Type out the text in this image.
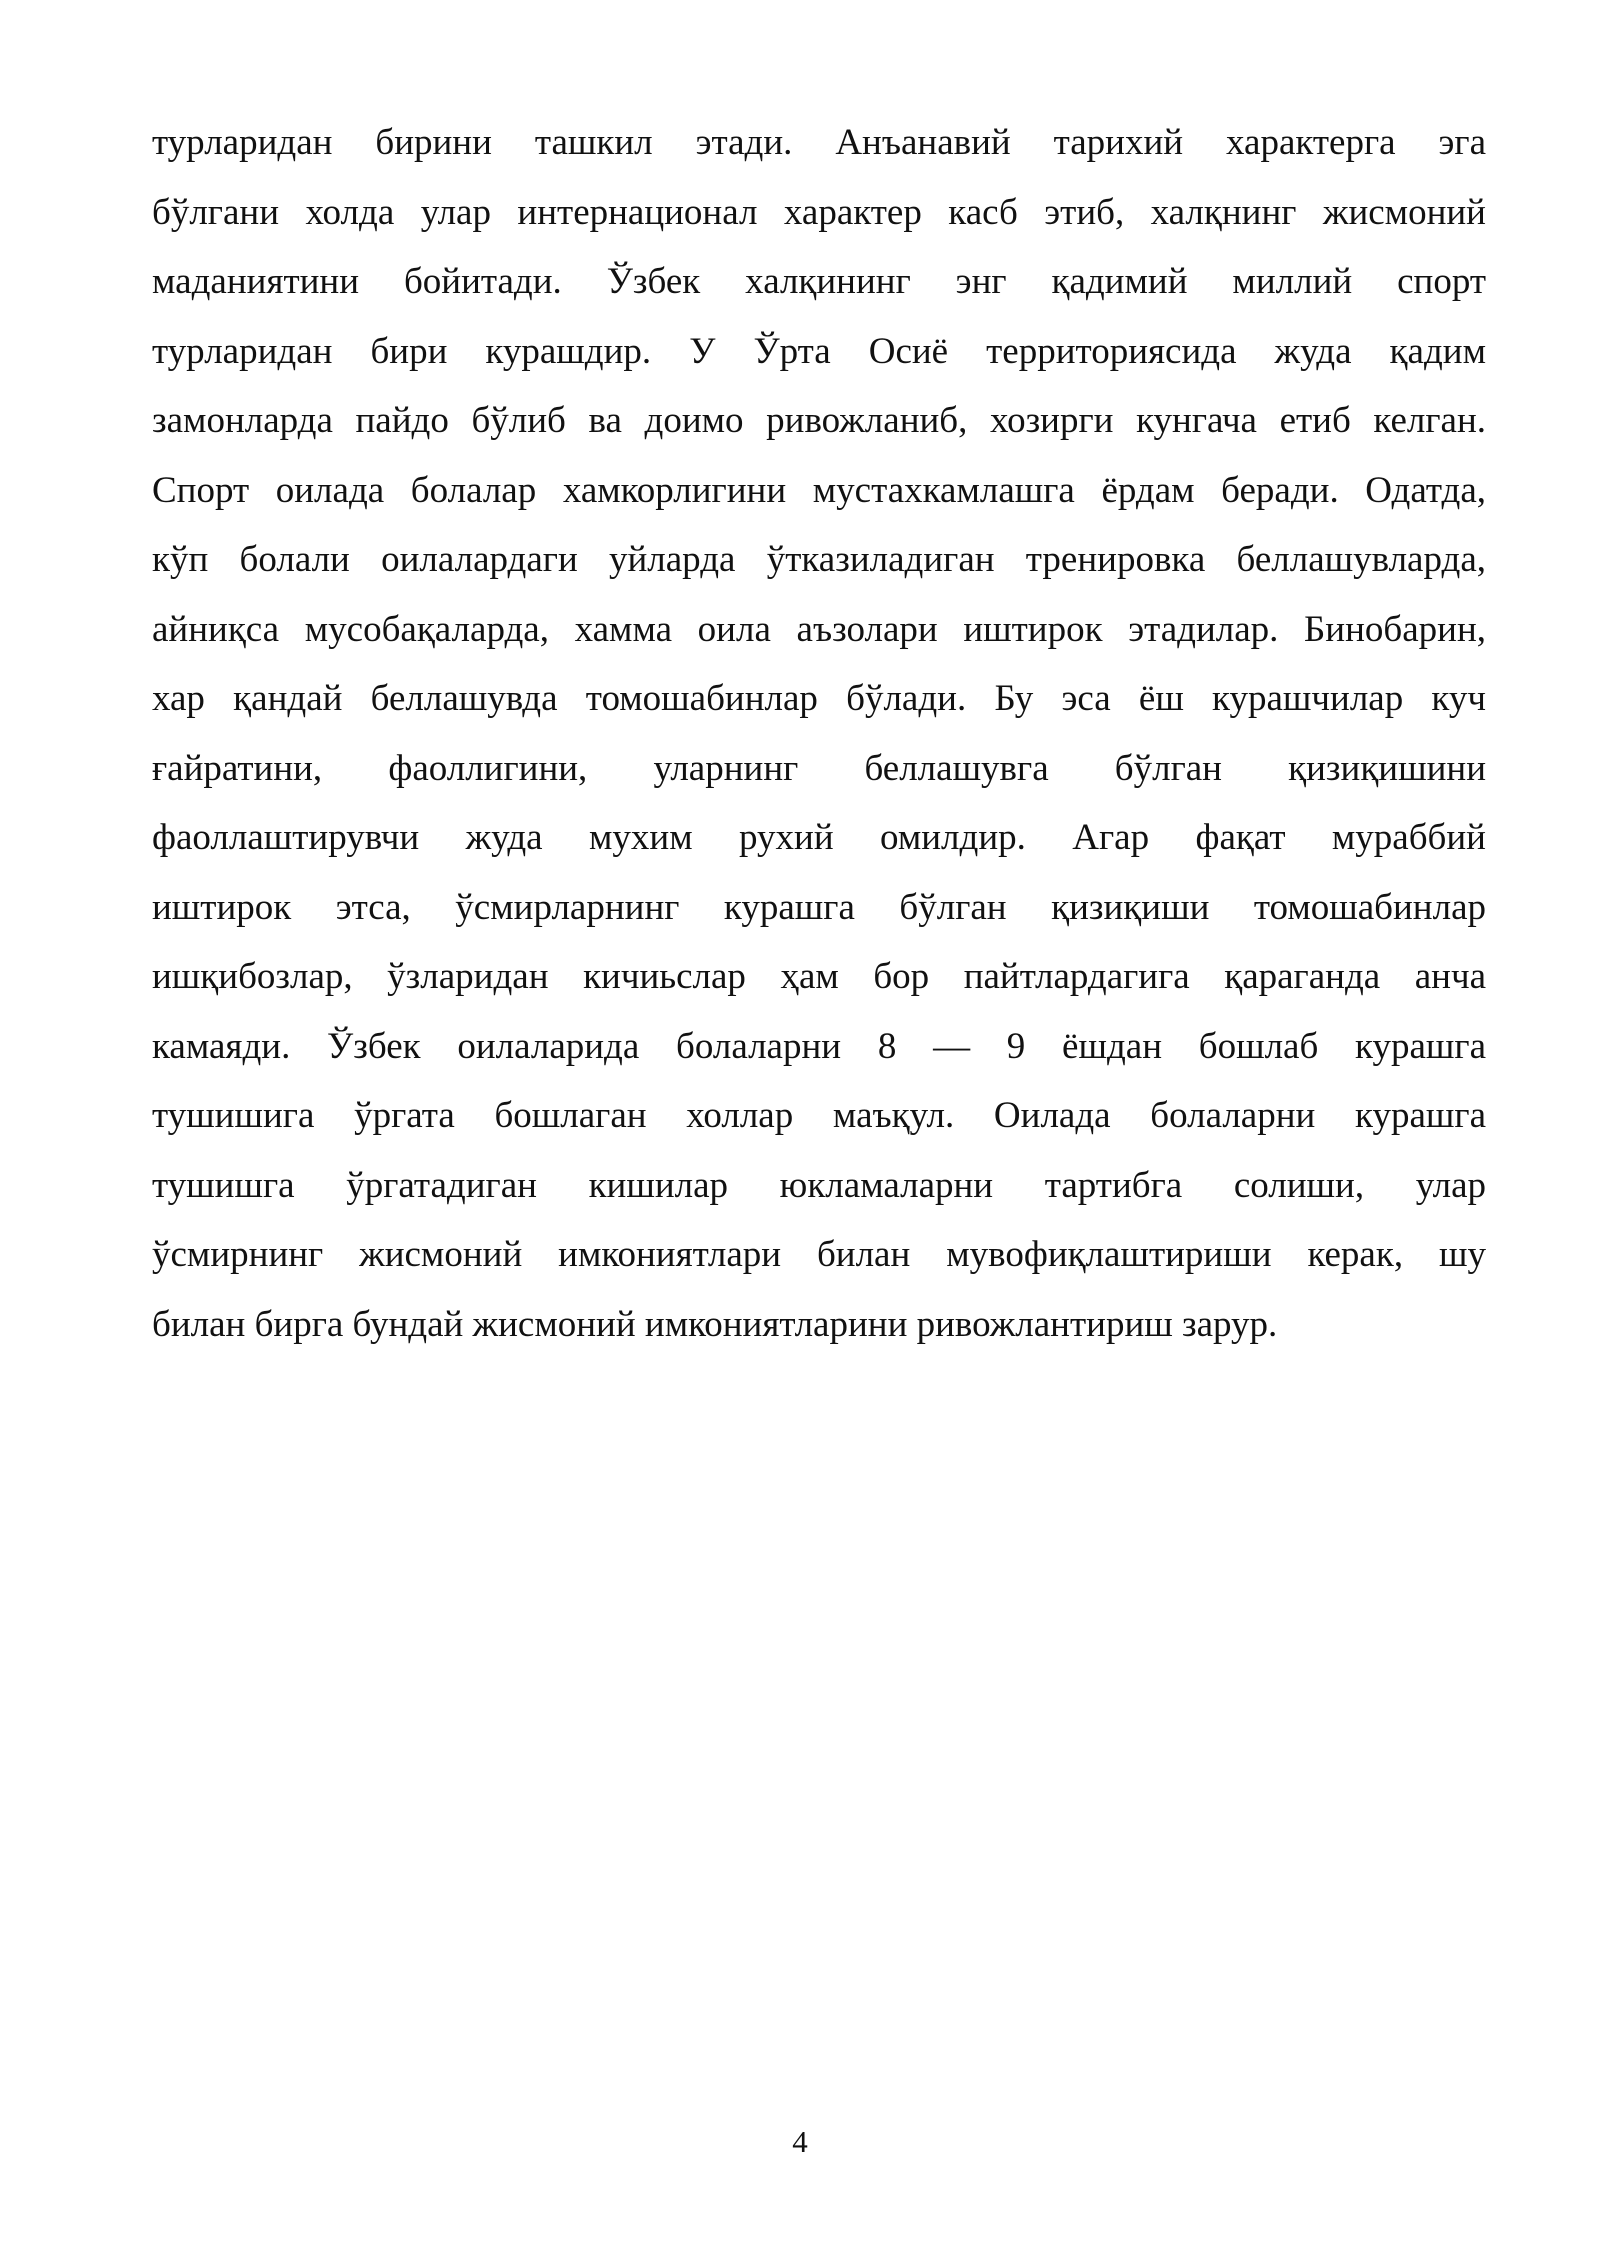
турларидан бирини ташкил этади. Анъанавий тарихий характерга эга
бўлгани холда улар интернационал характер касб этиб, халқнинг жисмоний
маданиятини бойитади. Ўзбек халқининг энг қадимий миллий спорт
турларидан бири курашдир. У Ўрта Осиё территориясида жуда қадим
замонларда пайдо бўлиб ва доимо ривожланиб, хозирги кунгача етиб келган.
Спорт оилада болалар хамкорлигини мустахкамлашга ёрдам беради. Одатда,
кўп болали оилалардаги уйларда ўтказиладиган тренировка беллашувларда,
айниқса мусобақаларда, хамма оила аъзолари иштирок этадилар. Бинобарин,
хар қандай беллашувда томошабинлар бўлади. Бу эса ёш курашчилар куч
ғайратини, фаоллигини, уларнинг беллашувга бўлган қизиқишини
фаоллаштирувчи жуда мухим рухий омилдир. Агар фақат мураббий
иштирок этса, ўсмирларнинг курашга бўлган қизиқиши томошабинлар
ишқибозлар, ўзларидан кичиьслар ҳам бор пайтлардагига қараганда анча
камаяди. Ўзбек оилаларида болаларни 8 — 9 ёшдан бошлаб курашга
тушишига ўргата бошлаган холлар маъқул. Оилада болаларни курашга
тушишга ўргатадиган кишилар юкламаларни тартибга солиши, улар
ўсмирнинг жисмоний имкониятлари билан мувофиқлаштириши керак, шу
билан бирга бундай жисмоний имкониятларини ривожлантириш зарур.

4
